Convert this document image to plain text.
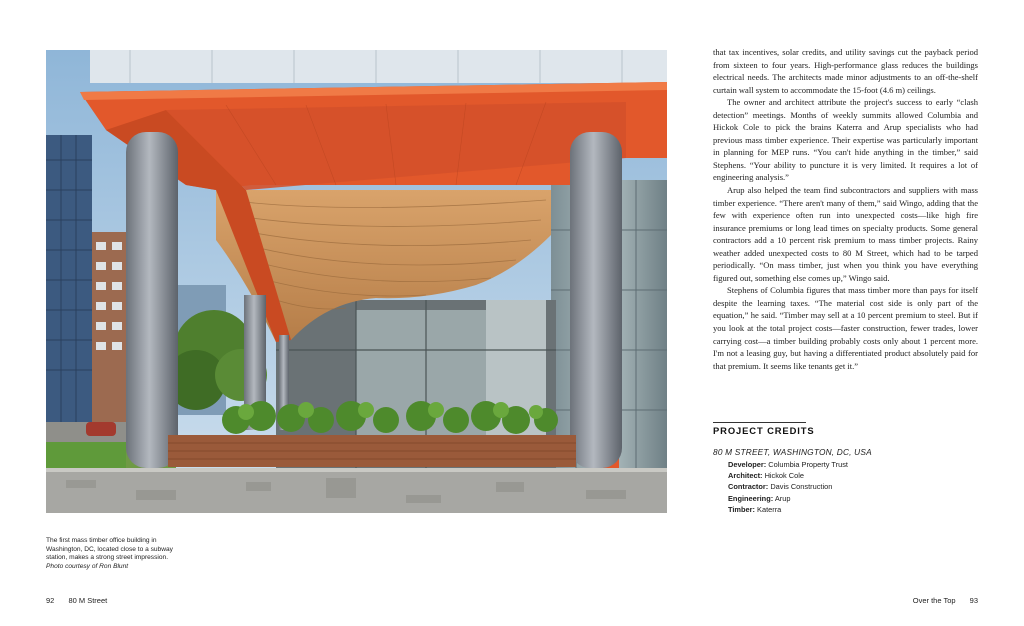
The first mass timber office building in Washington, DC, located close to a subway station, makes a strong street impression.
Photo courtesy of Ron Blunt
92 80 M Street

that tax incentives, solar credits, and utility savings cut the payback period from sixteen to four years. High-performance glass reduces the buildings electrical needs. The architects made minor adjustments to an off-the-shelf curtain wall system to accommodate the 15-foot (4.6 m) ceilings.

The owner and architect attribute the project's success to early “clash detection” meetings. Months of weekly summits allowed Columbia and Hickok Cole to pick the brains Katerra and Arup specialists who had previous mass timber experience. Their expertise was particularly important in planning for MEP runs. “You can't hide anything in the timber,” said Stephens. “Your ability to puncture it is very limited. It requires a lot of engineering analysis.”

Arup also helped the team find subcontractors and suppliers with mass timber experience. “There aren't many of them,” said Wingo, adding that the few with experience often run into unexpected costs—like high fire insurance premiums or long lead times on specialty products. Some general contractors add a 10 percent risk premium to mass timber projects. Rainy weather added unexpected costs to 80 M Street, which had to be tarped periodically. “On mass timber, just when you think you have everything figured out, something else comes up,” Wingo said.

Stephens of Columbia figures that mass timber more than pays for itself despite the learning taxes. “The material cost side is only part of the equation,” he said. “Timber may sell at a 10 percent premium to steel. But if you look at the total project costs—faster construction, fewer trades, lower carrying cost—a timber building probably costs only about 1 percent more. I'm not a leasing guy, but having a differentiated product absolutely paid for that premium. It seems like tenants get it.”

PROJECT CREDITS
80 M STREET, WASHINGTON, DC, USA
Developer: Columbia Property Trust
Architect: Hickok Cole
Contractor: Davis Construction
Engineering: Arup
Timber: Katerra
Over the Top 93
